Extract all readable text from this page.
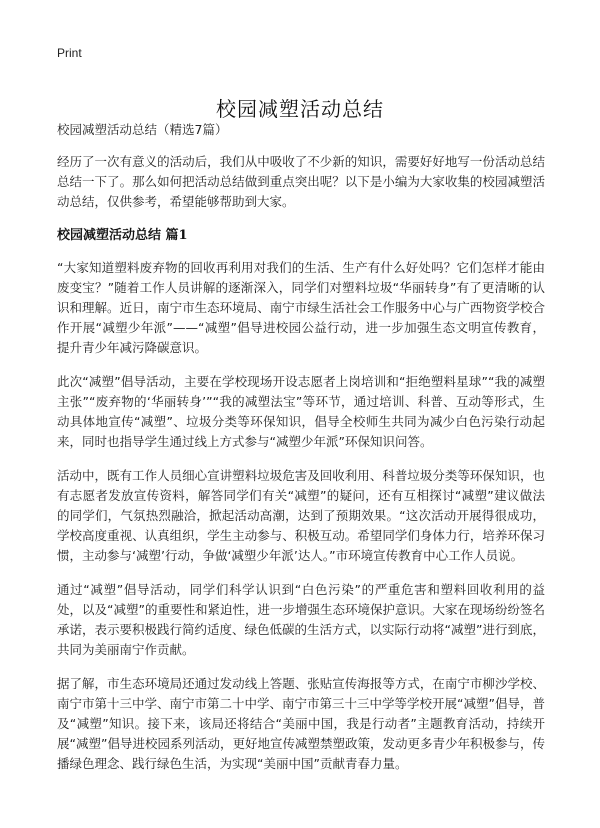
Print
校园减塑活动总结

校园减塑活动总结（精选7篇）

经历了一次有意义的活动后，我们从中吸收了不少新的知识，需要好好地写一份活动总结总结一下了。那么如何把活动总结做到重点突出呢？以下是小编为大家收集的校园减塑活动总结，仅供参考，希望能够帮助到大家。

校园减塑活动总结 篇1

“大家知道塑料废弃物的回收再利用对我们的生活、生产有什么好处吗？它们怎样才能由废变宝？”随着工作人员讲解的逐渐深入，同学们对塑料垃圾“华丽转身”有了更清晰的认识和理解。近日，南宁市生态环境局、南宁市绿生活社会工作服务中心与广西物资学校合作开展“减塑少年派”——“减塑”倡导进校园公益行动，进一步加强生态文明宣传教育，提升青少年减污降碳意识。

此次“减塑”倡导活动，主要在学校现场开设志愿者上岗培训和“拒绝塑料星球”“我的减塑主张”“废弃物的‘华丽转身’”“我的减塑法宝”等环节，通过培训、科普、互动等形式，生动具体地宣传“减塑”、垃圾分类等环保知识，倡导全校师生共同为减少白色污染行动起来，同时也指导学生通过线上方式参与“减塑少年派”环保知识问答。

活动中，既有工作人员细心宣讲塑料垃圾危害及回收利用、科普垃圾分类等环保知识，也有志愿者发放宣传资料，解答同学们有关“减塑”的疑问，还有互相探讨“减塑”建议做法的同学们，气氛热烈融洽，掀起活动高潮，达到了预期效果。“这次活动开展得很成功，学校高度重视、认真组织，学生主动参与、积极互动。希望同学们身体力行，培养环保习惯，主动参与‘减塑’行动，争做‘减塑少年派’达人。”市环境宣传教育中心工作人员说。

通过“减塑”倡导活动，同学们科学认识到“白色污染”的严重危害和塑料回收利用的益处，以及“减塑”的重要性和紧迫性，进一步增强生态环境保护意识。大家在现场纷纷签名承诺，表示要积极践行简约适度、绿色低碳的生活方式，以实际行动将“减塑”进行到底，共同为美丽南宁作贡献。

据了解，市生态环境局还通过发动线上答题、张贴宣传海报等方式，在南宁市柳沙学校、南宁市第十三中学、南宁市第二十中学、南宁市第三十三中学等学校开展“减塑”倡导，普及“减塑”知识。接下来，该局还将结合“美丽中国，我是行动者”主题教育活动，持续开展“减塑”倡导进校园系列活动，更好地宣传减塑禁塑政策，发动更多青少年积极参与，传播绿色理念、践行绿色生活，为实现“美丽中国”贡献青春力量。
